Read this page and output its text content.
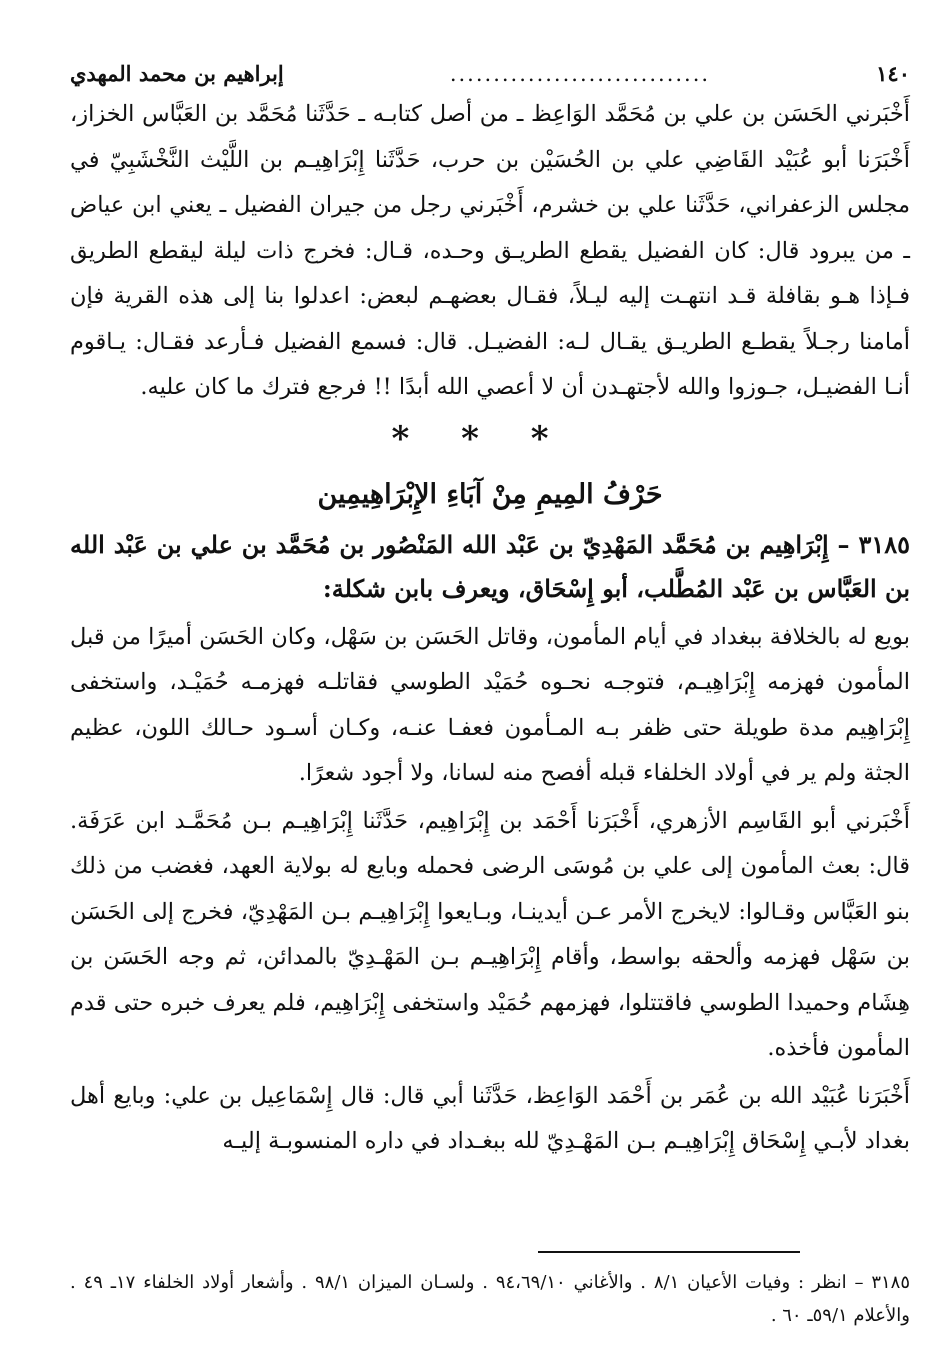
١٤٠
..............................
إبراهيم بن محمد المهدي

أَخْبَرني الحَسَن بن علي بن مُحَمَّد الوَاعِظ ـ من أصل كتابـه ـ حَدَّثَنا مُحَمَّد بن العَبَّاس الخزاز، أَخْبَرَنا أبو عُبَيْد القَاضِي علي بن الحُسَيْن بن حرب، حَدَّثَنا إِبْرَاهِيـم بن اللَّيْث النَّخْشَبِيّ في مجلس الزعفراني، حَدَّثَنا علي بن خشرم، أَخْبَرني رجل من جيران الفضيل ـ يعني ابن عياض ـ من يبرود قال: كان الفضيل يقطع الطريـق وحـده، قـال: فخرج ذات ليلة ليقطع الطريق فـإذا هـو بقافلة قـد انتهـت إليه ليـلاً، فقـال بعضهـم لبعض: اعدلوا بنا إلى هذه القرية فإن أمامنا رجـلاً يقطـع الطريـق يقـال لـه: الفضيـل. قال: فسمع الفضيل فـأرعد فقـال: يـاقوم أنـا الفضيـل، جـوزوا والله لأجتهـدن أن لا أعصي الله أبدًا !! فرجع فترك ما كان عليه.

* * *
حَرْفُ المِيمِ مِنْ آبَاءِ الإِبْرَاهِيمِين

٣١٨٥ – إِبْرَاهِيم بن مُحَمَّد المَهْدِيّ بن عَبْد الله المَنْصُور بن مُحَمَّد بن علي بن عَبْد الله بن العَبَّاس بن عَبْد المُطَّلب، أبو إِسْحَاق، ويعرف بابن شكلة:

بويع له بالخلافة ببغداد في أيام المأمون، وقاتل الحَسَن بن سَهْل، وكان الحَسَن أميرًا من قبل المأمون فهزمه إِبْرَاهِيـم، فتوجـه نحـوه حُمَيْد الطوسي فقاتلـه فهزمـه حُمَيْـد، واستخفى إِبْرَاهِيم مدة طويلة حتى ظفر بـه المـأمون فعفـا عنـه، وكـان أسـود حـالك اللون، عظيم الجثة ولم ير في أولاد الخلفاء قبله أفصح منه لسانا، ولا أجود شعرًا.

أَخْبَرني أبو القَاسِم الأزهري، أَخْبَرَنا أَحْمَد بن إِبْرَاهِيم، حَدَّثَنا إِبْرَاهِيـم بـن مُحَمَّـد ابن عَرَفَة. قال: بعث المأمون إلى علي بن مُوسَى الرضى فحمله وبايع له بولاية العهد، فغضب من ذلك بنو العَبَّاس وقـالوا: لايخرج الأمر عـن أيدينـا، وبـايعوا إِبْرَاهِيـم بـن المَهْدِيّ، فخرج إلى الحَسَن بن سَهْل فهزمه وألحقه بواسط، وأقام إِبْرَاهِيـم بـن المَهْـدِيّ بالمدائن، ثم وجه الحَسَن بن هِشَام وحميدا الطوسي فاقتتلوا، فهزمهم حُمَيْد واستخفى إِبْرَاهِيم، فلم يعرف خبره حتى قدم المأمون فأخذه.

أَخْبَرَنا عُبَيْد الله بن عُمَر بن أَحْمَد الوَاعِظ، حَدَّثَنا أبي قال: قال إِسْمَاعِيل بن علي: وبايع أهل بغداد لأبـي إِسْحَاق إِبْرَاهِيـم بـن المَهْـدِيّ لله ببغـداد في داره المنسوبـة إليـه

٣١٨٥ – انظر : وفيات الأعيان ٨/١ . والأغاني ٩٤،٦٩/١٠ . ولسـان الميزان ٩٨/١ . وأشعار أولاد الخلفاء ١٧ـ ٤٩ . والأعلام ٥٩/١ـ ٦٠ .
